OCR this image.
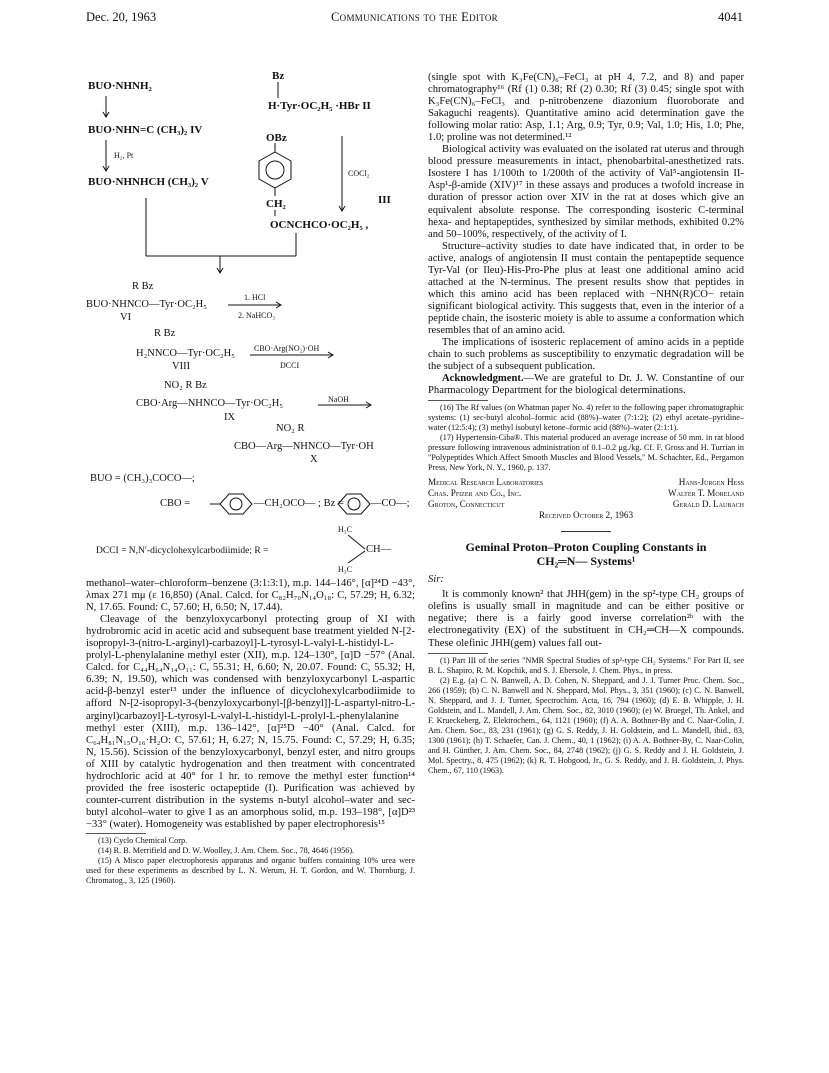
Dec. 20, 1963	Communications to the Editor	4041
BUO·NHNH₂
BUO·NHN=C (CH₃)₂ IV
H₂, Pt
BUO·NHNHCH (CH₃)₂ V
Bz
H·Tyr·OC₂H₅ ·HBr II
OBz
COCl₂
III
CH₂
OCNCHCO·OC₂H₅ ,
R Bz
BUO·NHNCO—Tyr·OC₂H₅
VI
1. HCl
2. NaHCO₃
R Bz
H₂NNCO—Tyr·OC₂H₅
VIII
CBO·Arg(NO₂)·OH
DCCI
NO₂ R Bz
CBO·Arg—NHNCO—Tyr·OC₂H₅
IX
NaOH
NO₂ R
CBO—Arg—NHNCO—Tyr·OH
X
BUO = (CH₃)₃COCO—;
CBO =	—CH₂OCO— ; Bz =	—CO—;
H₃C
DCCI = N,N′-dicyclohexylcarbodiimide; R =	CH—
H₃C

methanol–water–chloroform–benzene (3:1:3:1), m.p. 144–146°, [α]²⁴D −43°, λmax 271 mμ (ε 16,850) (Anal. Calcd. for C₈₂H₇₀N₁₄O₁₈: C, 57.29; H, 6.32; N, 17.65. Found: C, 57.60; H, 6.50; N, 17.44).

Cleavage of the benzyloxycarbonyl protecting group of XI with hydrobromic acid in acetic acid and subsequent base treatment yielded N-[2-isopropyl-3-(nitro-L-arginyl)-carbazoyl]-L-tyrosyl-L-valyl-L-histidyl-L-prolyl-L-phenylalanine methyl ester (XII), m.p. 124–130°, [α]D −57° (Anal. Calcd. for C₄₄H₆₄N₁₄O₁₁: C, 55.31; H, 6.60; N, 20.07. Found: C, 55.32; H, 6.39; N, 19.50), which was condensed with benzyloxycarbonyl L-aspartic acid-β-benzyl ester¹³ under the influence of dicyclohexylcarbodiimide to afford N-[2-isopropyl-3-(benzyloxycarbonyl-[β-benzyl]]-L-aspartyl-nitro-L-arginyl)carbazoyl]-L-tyrosyl-L-valyl-L-histidyl-L-prolyl-L-phenylalanine methyl ester (XIII), m.p. 136–142°, [α]²⁵D −40° (Anal. Calcd. for C₆₄H₈₁N₁₅O₁₆·H₂O: C, 57.61; H, 6.27; N, 15.75. Found: C, 57.29; H, 6.35; N, 15.56). Scission of the benzyloxycarbonyl, benzyl ester, and nitro groups of XIII by catalytic hydrogenation and then treatment with concentrated hydrochloric acid at 40° for 1 hr. to remove the methyl ester function¹⁴ provided the free isosteric octapeptide (I). Purification was achieved by counter-current distribution in the systems n-butyl alcohol–water and sec-butyl alcohol–water to give I as an amorphous solid, m.p. 193–198°, [α]D²³ −33° (water). Homogeneity was established by paper electrophoresis¹⁵

(13) Cyclo Chemical Corp.

(14) R. B. Merrifield and D. W. Woolley, J. Am. Chem. Soc., 78, 4646 (1956).

(15) A Misco paper electrophoresis apparatus and organic buffers containing 10% urea were used for these experiments as described by L. N. Werum, H. T. Gordon, and W. Thornburg, J. Chromatog., 3, 125 (1960).

(single spot with K₃Fe(CN)₆–FeCl₃ at pH 4, 7.2, and 8) and paper chromatography¹⁶ (Rf (1) 0.38; Rf (2) 0.30; Rf (3) 0.45; single spot with K₃Fe(CN)₆–FeCl₃ and p-nitrobenzene diazonium fluoroborate and Sakaguchi reagents). Quantitative amino acid determination gave the following molar ratio: Asp, 1.1; Arg, 0.9; Tyr, 0.9; Val, 1.0; His, 1.0; Phe, 1.0; proline was not determined.¹²

Biological activity was evaluated on the isolated rat uterus and through blood pressure measurements in intact, phenobarbital-anesthetized rats. Isostere I has 1/100th to 1/200th of the activity of Val⁵-angiotensin II-Asp¹-β-amide (XIV)¹⁷ in these assays and produces a twofold increase in duration of pressor action over XIV in the rat at doses which give an equivalent absolute response. The corresponding isosteric C-terminal hexa- and heptapeptides, synthesized by similar methods, exhibited 0.2% and 50–100%, respectively, of the activity of I.

Structure–activity studies to date have indicated that, in order to be active, analogs of angiotensin II must contain the pentapeptide sequence Tyr-Val (or Ileu)-His-Pro-Phe plus at least one additional amino acid attached at the N-terminus. The present results show that peptides in which this amino acid has been replaced with −NHN(R)CO− retain significant biological activity. This suggests that, even in the interior of a peptide chain, the isosteric moiety is able to assume a conformation which resembles that of an amino acid.

The implications of isosteric replacement of amino acids in a peptide chain to such problems as susceptibility to enzymatic degradation will be the subject of a subsequent publication.

Acknowledgment.—We are grateful to Dr. J. W. Constantine of our Pharmacology Department for the biological determinations.

(16) The Rf values (on Whatman paper No. 4) refer to the following paper chromatographic systems: (1) sec-butyl alcohol–formic acid (88%)–water (7:1:2); (2) ethyl acetate–pyridine–water (12:5:4); (3) methyl isobutyl ketone–formic acid (88%)–water (2:1:1).

(17) Hypertensin-Ciba®. This material produced an average increase of 50 mm. in rat blood pressure following intravenous administration of 0.1–0.2 μg./kg. Cf. F. Gross and H. Turrian in "Polypeptides Which Affect Smooth Muscles and Blood Vessels," M. Schachter, Ed., Pergamon Press, New York, N. Y., 1960, p. 137.

Medical Research Laboratories	Hans-Jürgen Hess
Chas. Pfizer and Co., Inc.	Walter T. Moreland
Groton, Connecticut	Gerald D. Laubach
Received October 2, 1963
Geminal Proton–Proton Coupling Constants in
CH₂═N— Systems¹
Sir:

It is commonly known² that JHH(gem) in the sp²-type CH₂ groups of olefins is usually small in magnitude and can be either positive or negative; there is a fairly good inverse correlation²ʰ with the electronegativity (EX) of the substituent in CH₂═CH—X compounds. These olefinic JHH(gem) values fall out-

(1) Part III of the series "NMR Spectral Studies of sp²-type CH₂ Systems." For Part II, see B. L. Shapiro, R. M. Kopchik, and S. J. Ebersole, J. Chem. Phys., in press.

(2) E.g. (a) C. N. Banwell, A. D. Cohen, N. Sheppard, and J. J. Turner Proc. Chem. Soc., 266 (1959); (b) C. N. Banwell and N. Sheppard, Mol. Phys., 3, 351 (1960); (c) C. N. Banwell, N. Sheppard, and J. J. Turner, Spectrochim. Acta, 16, 794 (1960); (d) E. B. Whipple, J. H. Goldstein, and L. Mandell, J. Am. Chem. Soc., 82, 3010 (1960); (e) W. Bruegel, Th. Ankel, and F. Krueckeberg, Z. Elektrochem., 64, 1121 (1960); (f) A. A. Bothner-By and C. Naar-Colin, J. Am. Chem. Soc., 83, 231 (1961); (g) G. S. Reddy, J. H. Goldstein, and L. Mandell, ibid., 83, 1300 (1961); (h) T. Schaefer, Can. J. Chem., 40, 1 (1962); (i) A. A. Bothner-By, C. Naar-Colin, and H. Günther, J. Am. Chem. Soc., 84, 2748 (1962); (j) G. S. Reddy and J. H. Goldstein, J. Mol. Spectry., 8, 475 (1962); (k) R. T. Hobgood, Jr., G. S. Reddy, and J. H. Goldstein, J. Phys. Chem., 67, 110 (1963).
